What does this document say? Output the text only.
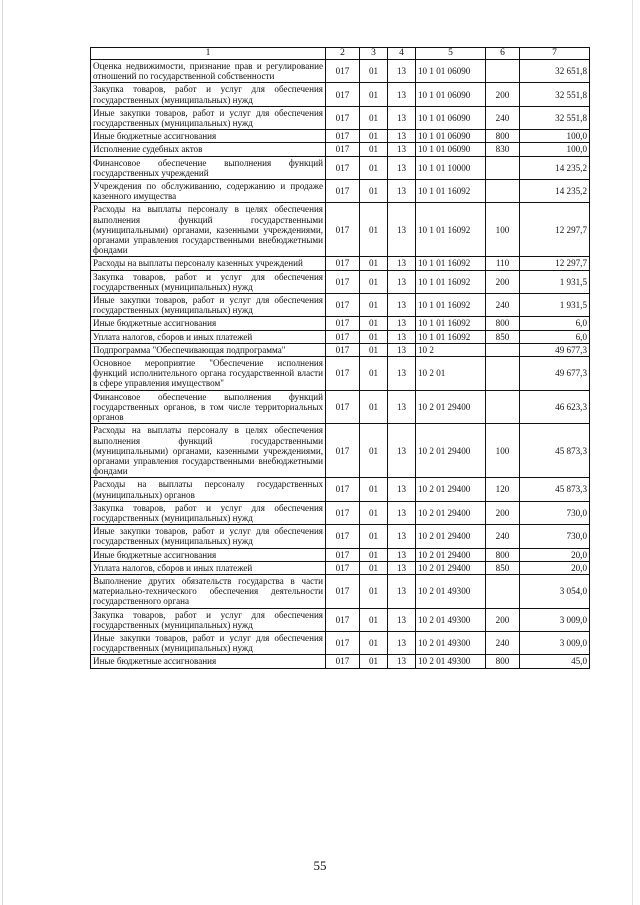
1	2	3	4	5	6	7
Оценка недвижимости, признание прав и регулирование отношений по государственной собственности	017	01	13	10 1 01 06090		32 651,8
Закупка товаров, работ и услуг для обеспечения государственных (муниципальных) нужд	017	01	13	10 1 01 06090	200	32 551,8
Иные закупки товаров, работ и услуг для обеспечения государственных (муниципальных) нужд	017	01	13	10 1 01 06090	240	32 551,8
Иные бюджетные ассигнования	017	01	13	10 1 01 06090	800	100,0
Исполнение судебных актов	017	01	13	10 1 01 06090	830	100,0
Финансовое обеспечение выполнения функций государственных учреждений	017	01	13	10 1 01 10000		14 235,2
Учреждения по обслуживанию, содержанию и продаже казенного имущества	017	01	13	10 1 01 16092		14 235,2
Расходы на выплаты персоналу в целях обеспечения выполнения функций государственными (муниципальными) органами, казенными учреждениями, органами управления государственными внебюджетными фондами	017	01	13	10 1 01 16092	100	12 297,7
Расходы на выплаты персоналу казенных учреждений	017	01	13	10 1 01 16092	110	12 297,7
Закупка товаров, работ и услуг для обеспечения государственных (муниципальных) нужд	017	01	13	10 1 01 16092	200	1 931,5
Иные закупки товаров, работ и услуг для обеспечения государственных (муниципальных) нужд	017	01	13	10 1 01 16092	240	1 931,5
Иные бюджетные ассигнования	017	01	13	10 1 01 16092	800	6,0
Уплата налогов, сборов и иных платежей	017	01	13	10 1 01 16092	850	6,0
Подпрограмма "Обеспечивающая подпрограмма"	017	01	13	10 2		49 677,3
Основное мероприятие "Обеспечение исполнения функций исполнительного органа государственной власти в сфере управления имуществом"	017	01	13	10 2 01		49 677,3
Финансовое обеспечение выполнения функций государственных органов, в том числе территориальных органов	017	01	13	10 2 01 29400		46 623,3
Расходы на выплаты персоналу в целях обеспечения выполнения функций государственными (муниципальными) органами, казенными учреждениями, органами управления государственными внебюджетными фондами	017	01	13	10 2 01 29400	100	45 873,3
Расходы на выплаты персоналу государственных (муниципальных) органов	017	01	13	10 2 01 29400	120	45 873,3
Закупка товаров, работ и услуг для обеспечения государственных (муниципальных) нужд	017	01	13	10 2 01 29400	200	730,0
Иные закупки товаров, работ и услуг для обеспечения государственных (муниципальных) нужд	017	01	13	10 2 01 29400	240	730,0
Иные бюджетные ассигнования	017	01	13	10 2 01 29400	800	20,0
Уплата налогов, сборов и иных платежей	017	01	13	10 2 01 29400	850	20,0
Выполнение других обязательств государства в части материально-технического обеспечения деятельности государственного органа	017	01	13	10 2 01 49300		3 054,0
Закупка товаров, работ и услуг для обеспечения государственных (муниципальных) нужд	017	01	13	10 2 01 49300	200	3 009,0
Иные закупки товаров, работ и услуг для обеспечения государственных (муниципальных) нужд	017	01	13	10 2 01 49300	240	3 009,0
Иные бюджетные ассигнования	017	01	13	10 2 01 49300	800	45,0
55
